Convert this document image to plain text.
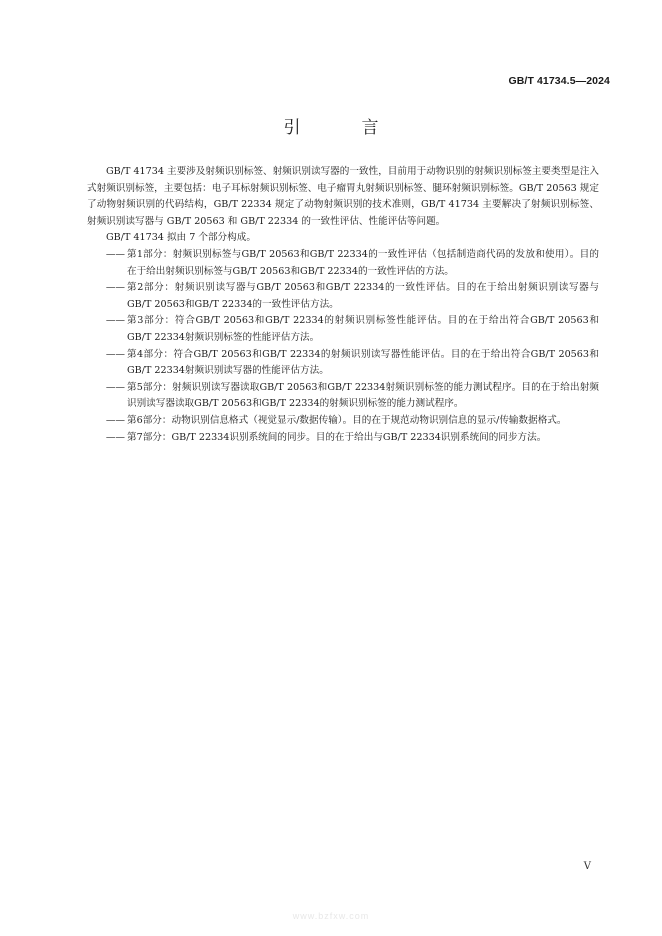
GB/T 41734.5—2024
引　言

GB/T 41734 主要涉及射频识别标签、射频识别读写器的一致性，目前用于动物识别的射频识别标签主要类型是注入式射频识别标签，主要包括：电子耳标射频识别标签、电子瘤胃丸射频识别标签、腿环射频识别标签。GB/T 20563 规定了动物射频识别的代码结构，GB/T 22334 规定了动物射频识别的技术准则，GB/T 41734 主要解决了射频识别标签、射频识别读写器与 GB/T 20563 和 GB/T 22334 的一致性评估、性能评估等问题。

GB/T 41734 拟由 7 个部分构成。

—— 第1部分：射频识别标签与GB/T 20563和GB/T 22334的一致性评估（包括制造商代码的发放和使用）。目的在于给出射频识别标签与GB/T 20563和GB/T 22334的一致性评估的方法。
—— 第2部分：射频识别读写器与GB/T 20563和GB/T 22334的一致性评估。目的在于给出射频识别读写器与GB/T 20563和GB/T 22334的一致性评估方法。
—— 第3部分：符合GB/T 20563和GB/T 22334的射频识别标签性能评估。目的在于给出符合GB/T 20563和GB/T 22334射频识别标签的性能评估方法。
—— 第4部分：符合GB/T 20563和GB/T 22334的射频识别读写器性能评估。目的在于给出符合GB/T 20563和GB/T 22334射频识别读写器的性能评估方法。
—— 第5部分：射频识别读写器读取GB/T 20563和GB/T 22334射频识别标签的能力测试程序。目的在于给出射频识别读写器读取GB/T 20563和GB/T 22334的射频识别标签的能力测试程序。
—— 第6部分：动物识别信息格式（视觉显示/数据传输）。目的在于规范动物识别信息的显示/传输数据格式。
—— 第7部分：GB/T 22334识别系统间的同步。目的在于给出与GB/T 22334识别系统间的同步方法。
V
www.bzfxw.com
